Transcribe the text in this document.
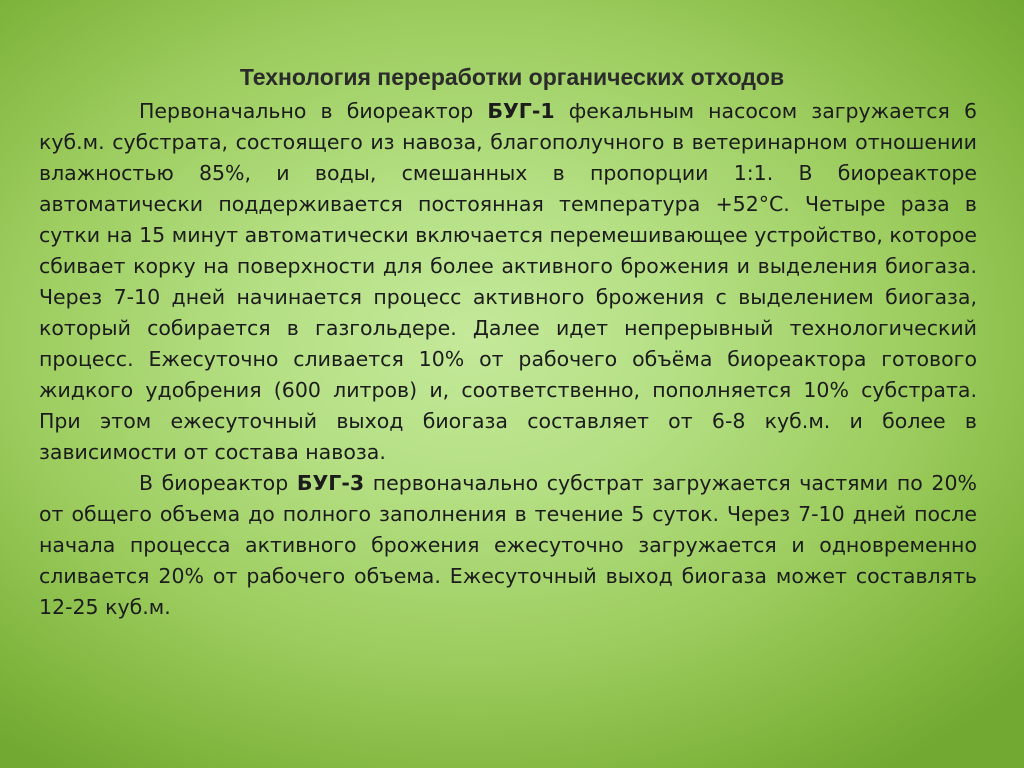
Технология переработки органических отходов

Первоначально в биореактор БУГ-1 фекальным насосом загружается 6 куб.м. субстрата, состоящего из навоза, благополучного в ветеринарном отношении влажностью 85%, и воды, смешанных в пропорции 1:1. В биореакторе автоматически поддерживается постоянная температура +52°С. Четыре раза в сутки на 15 минут автоматически включается перемешивающее устройство, которое сбивает корку на поверхности для более активного брожения и выделения биогаза. Через 7-10 дней начинается процесс активного брожения с выделением биогаза, который собирается в газгольдере. Далее идет непрерывный технологический процесс. Ежесуточно сливается 10% от рабочего объёма биореактора готового жидкого удобрения (600 литров) и, соответственно, пополняется 10% субстрата. При этом ежесуточный выход биогаза составляет от 6-8 куб.м. и более в зависимости от состава навоза.

В биореактор БУГ-3 первоначально субстрат загружается частями по 20% от общего объема до полного заполнения в течение 5 суток. Через 7-10 дней после начала процесса активного брожения ежесуточно загружается и одновременно сливается 20% от рабочего объема. Ежесуточный выход биогаза может составлять 12-25 куб.м.
